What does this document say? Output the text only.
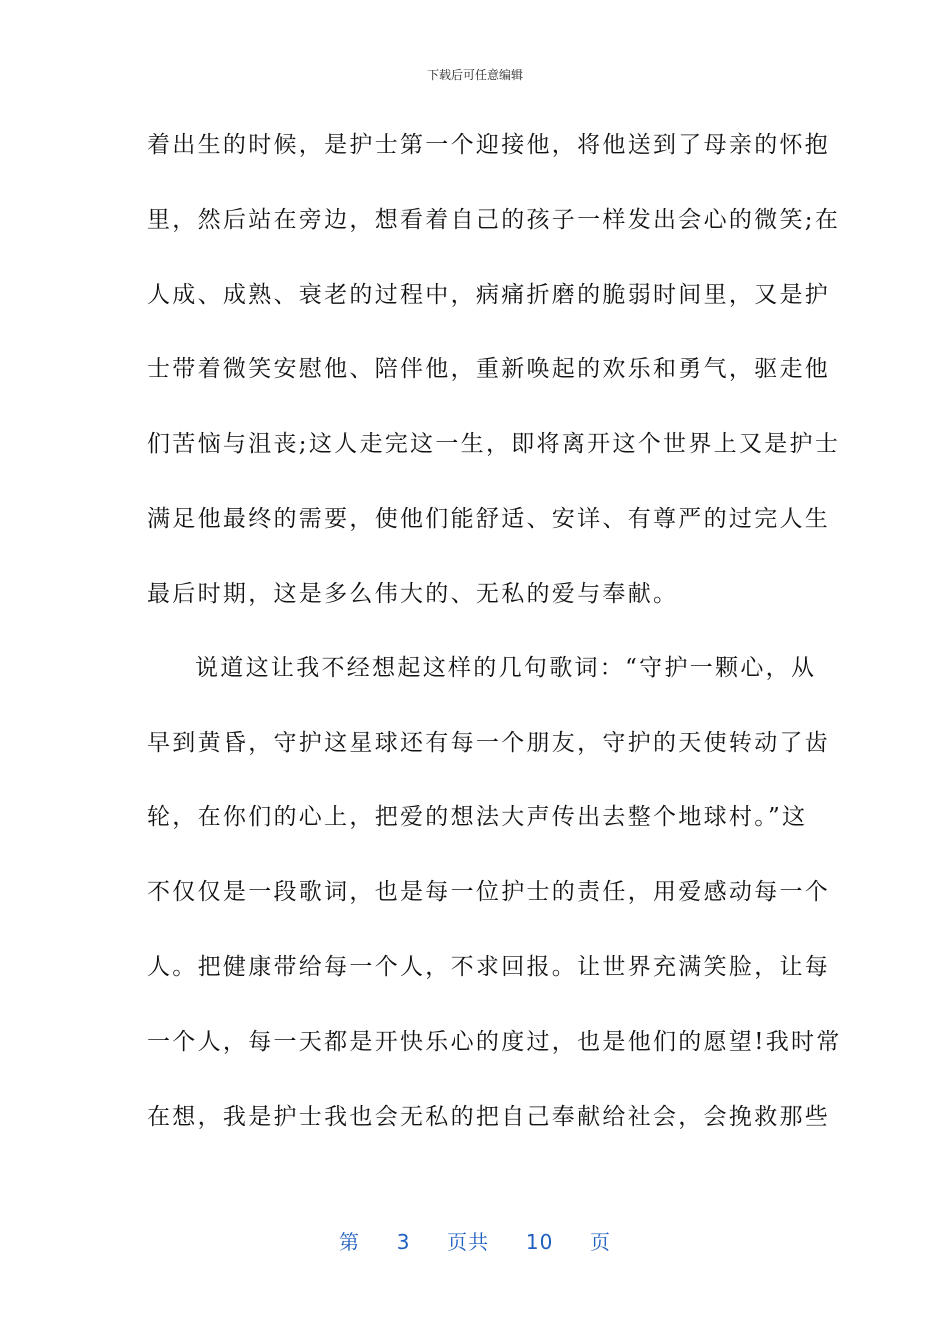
下载后可任意编辑
着出生的时候，是护士第一个迎接他，将他送到了母亲的怀抱
里，然后站在旁边，想看着自己的孩子一样发出会心的微笑;在
人成、成熟、衰老的过程中，病痛折磨的脆弱时间里，又是护
士带着微笑安慰他、陪伴他，重新唤起的欢乐和勇气，驱走他
们苦恼与沮丧;这人走完这一生，即将离开这个世界上又是护士
满足他最终的需要，使他们能舒适、安详、有尊严的过完人生
最后时期，这是多么伟大的、无私的爱与奉献。
说道这让我不经想起这样的几句歌词：“守护一颗心，从
早到黄昏，守护这星球还有每一个朋友，守护的天使转动了齿
轮，在你们的心上，把爱的想法大声传出去整个地球村。”这
不仅仅是一段歌词，也是每一位护士的责任，用爱感动每一个
人。把健康带给每一个人，不求回报。让世界充满笑脸，让每
一个人，每一天都是开快乐心的度过，也是他们的愿望!我时常
在想，我是护士我也会无私的把自己奉献给社会，会挽救那些
第 3 页共 10 页
